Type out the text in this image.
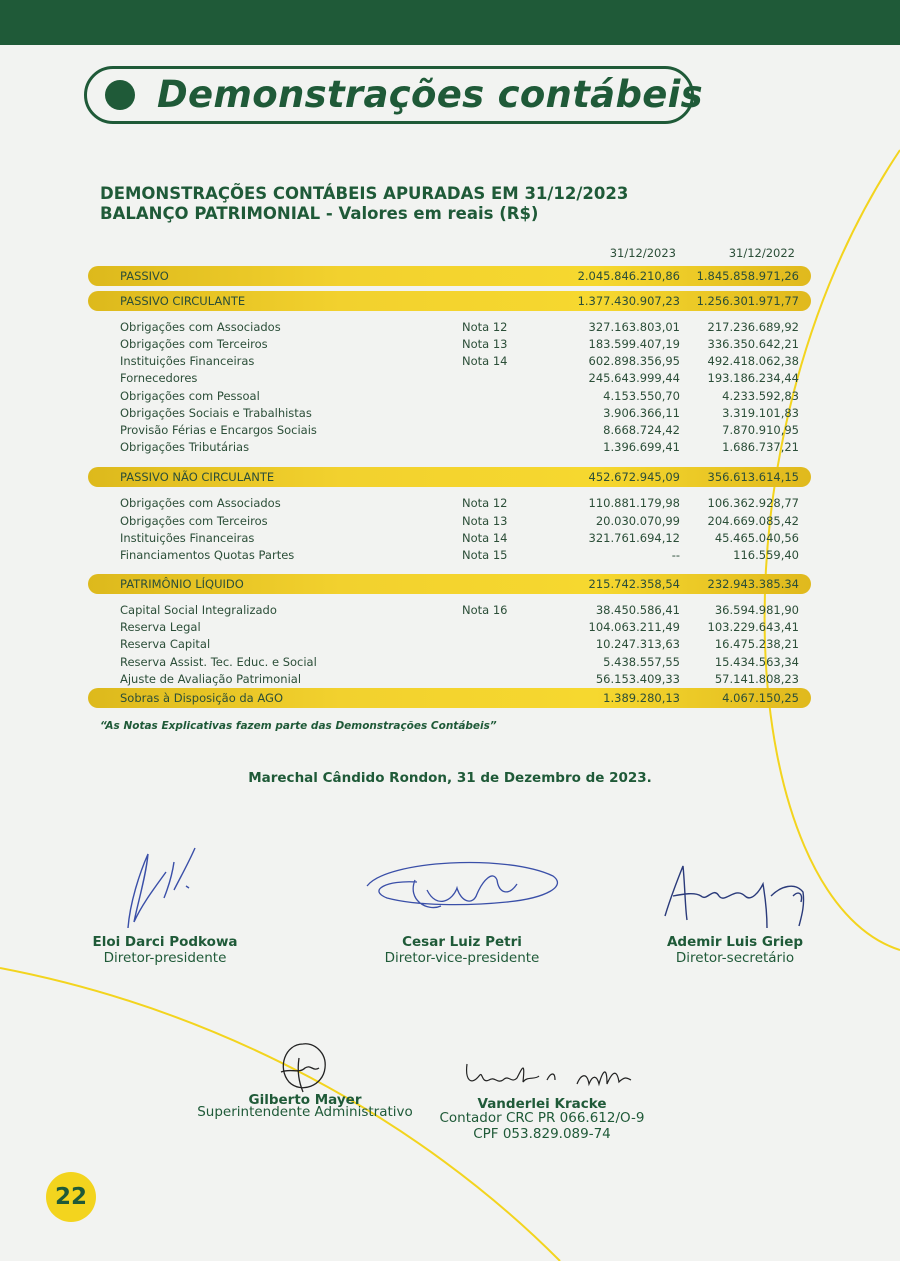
Demonstrações contábeis
DEMONSTRAÇÕES CONTÁBEIS APURADAS EM 31/12/2023
BALANÇO PATRIMONIAL - Valores em reais (R$)
31/12/2023	31/12/2022
PASSIVO	2.045.846.210,86	1.845.858.971,26
PASSIVO CIRCULANTE	1.377.430.907,23	1.256.301.971,77
Obrigações com Associados	Nota 12	327.163.803,01	217.236.689,92
Obrigações com Terceiros	Nota 13	183.599.407,19	336.350.642,21
Instituições Financeiras	Nota 14	602.898.356,95	492.418.062,38
Fornecedores	245.643.999,44	193.186.234,44
Obrigações com Pessoal	4.153.550,70	4.233.592,83
Obrigações Sociais e Trabalhistas	3.906.366,11	3.319.101,83
Provisão Férias e Encargos Sociais	8.668.724,42	7.870.910,95
Obrigações Tributárias	1.396.699,41	1.686.737,21
PASSIVO NÃO CIRCULANTE	452.672.945,09	356.613.614,15
Obrigações com Associados	Nota 12	110.881.179,98	106.362.928,77
Obrigações com Terceiros	Nota 13	20.030.070,99	204.669.085,42
Instituições Financeiras	Nota 14	321.761.694,12	45.465.040,56
Financiamentos Quotas Partes	Nota 15	--	116.559,40
PATRIMÔNIO LÍQUIDO	215.742.358,54	232.943.385.34
Capital Social Integralizado	Nota 16	38.450.586,41	36.594.981,90
Reserva Legal	104.063.211,49	103.229.643,41
Reserva Capital	10.247.313,63	16.475.238,21
Reserva Assist. Tec. Educ. e Social	5.438.557,55	15.434.563,34
Ajuste de Avaliação Patrimonial	56.153.409,33	57.141.808,23
Sobras à Disposição da AGO	1.389.280,13	4.067.150,25
“As Notas Explicativas fazem parte das Demonstrações Contábeis”
Marechal Cândido Rondon, 31 de Dezembro de 2023.
Eloi Darci Podkowa
Diretor-presidente
Cesar Luiz Petri
Diretor-vice-presidente
Ademir Luis Griep
Diretor-secretário
Gilberto Mayer
Superintendente Administrativo	Vanderlei Kracke
Contador CRC PR 066.612/O-9
CPF 053.829.089-74
22
